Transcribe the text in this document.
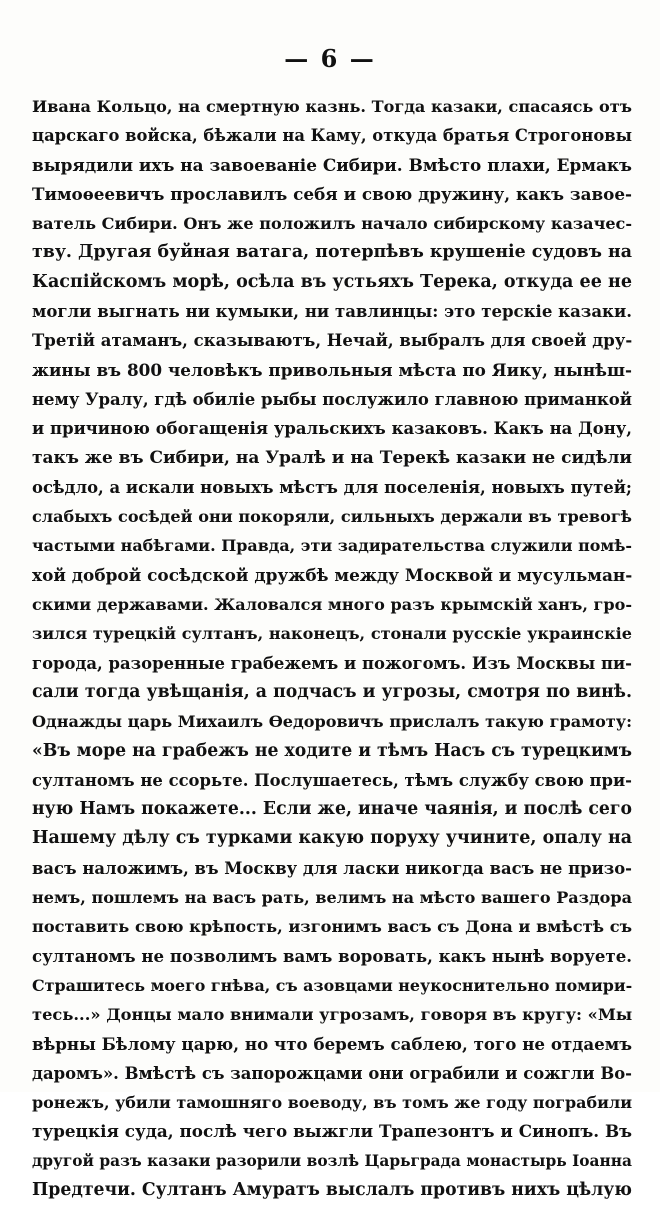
— 6 —
Ивана Кольцо, на смертную казнь. Тогда казаки, спасаясь отъ
царскаго войска, бѣжали на Каму, откуда братья Строгоновы
вырядили ихъ на завоеваніе Сибири. Вмѣсто плахи, Ермакъ
Тимоѳеевичъ прославилъ себя и свою дружину, какъ завое-
ватель Сибири. Онъ же положилъ начало сибирскому казачес-
тву. Другая буйная ватага, потерпѣвъ крушеніе судовъ на
Каспійскомъ морѣ, осѣла въ устьяхъ Терека, откуда ее не
могли выгнать ни кумыки, ни тавлинцы: это терскіе казаки.
Третій атаманъ, сказываютъ, Нечай, выбралъ для своей дру-
жины въ 800 человѣкъ привольныя мѣста по Яику, нынѣш-
нему Уралу, гдѣ обиліе рыбы послужило главною приманкой
и причиною обогащенія уральскихъ казаковъ. Какъ на Дону,
такъ же въ Сибири, на Уралѣ и на Терекѣ казаки не сидѣли
осѣдло, а искали новыхъ мѣстъ для поселенія, новыхъ путей;
слабыхъ сосѣдей они покоряли, сильныхъ держали въ тревогѣ
частыми набѣгами. Правда, эти задирательства служили помѣ-
хой доброй сосѣдской дружбѣ между Москвой и мусульман-
скими державами. Жаловался много разъ крымскій ханъ, гро-
зился турецкій султанъ, наконецъ, стонали русскіе украинскіе
города, разоренные грабежемъ и пожогомъ. Изъ Москвы пи-
сали тогда увѣщанія, а подчасъ и угрозы, смотря по винѣ.
Однажды царь Михаилъ Ѳедоровичъ прислалъ такую грамоту:
«Въ море на грабежъ не ходите и тѣмъ Насъ съ турецкимъ
султаномъ не ссорьте. Послушаетесь, тѣмъ службу свою при-
ную Намъ покажете... Если же, иначе чаянія, и послѣ сего
Нашему дѣлу съ турками какую поруху учините, опалу на
васъ наложимъ, въ Москву для ласки никогда васъ не призо-
немъ, пошлемъ на васъ рать, велимъ на мѣсто вашего Раздора
поставить свою крѣпость, изгонимъ васъ съ Дона и вмѣстѣ съ
султаномъ не позволимъ вамъ воровать, какъ нынѣ воруете.
Страшитесь моего гнѣва, съ азовцами неукоснительно помири-
тесь...» Донцы мало внимали угрозамъ, говоря въ кругу: «Мы
вѣрны Бѣлому царю, но что беремъ саблею, того не отдаемъ
даромъ». Вмѣстѣ съ запорожцами они ограбили и сожгли Во-
ронежъ, убили тамошняго воеводу, въ томъ же году пограбили
турецкія суда, послѣ чего выжгли Трапезонтъ и Синопъ. Въ
другой разъ казаки разорили возлѣ Царьграда монастырь Іоанна
Предтечи. Султанъ Амуратъ выслалъ противъ нихъ цѣлую
